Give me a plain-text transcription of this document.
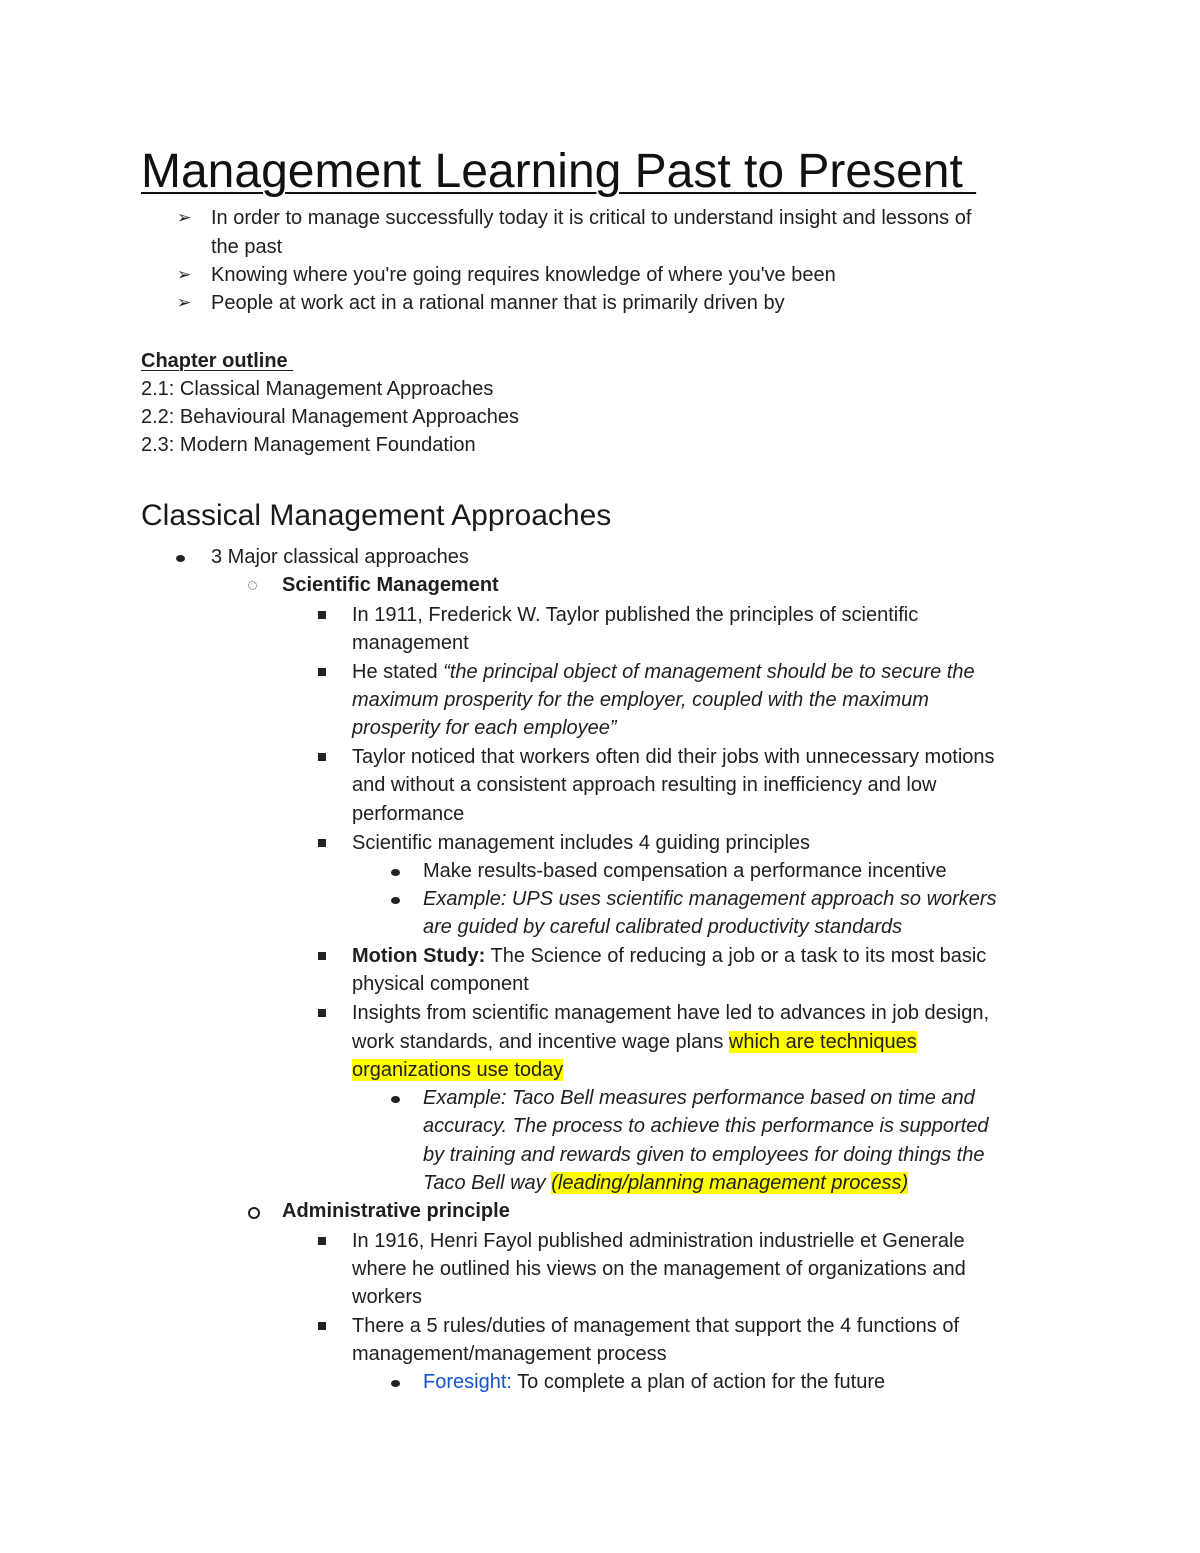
Management Learning Past to Present
➢ In order to manage successfully today it is critical to understand insight and lessons of
the past
➢ Knowing where you're going requires knowledge of where you've been
➢ People at work act in a rational manner that is primarily driven by
Chapter outline
2.1: Classical Management Approaches
2.2: Behavioural Management Approaches
2.3: Modern Management Foundation
Classical Management Approaches
3 Major classical approaches
Scientific Management
In 1911, Frederick W. Taylor published the principles of scientific
management
He stated “the principal object of management should be to secure the
maximum prosperity for the employer, coupled with the maximum
prosperity for each employee”
Taylor noticed that workers often did their jobs with unnecessary motions
and without a consistent approach resulting in inefficiency and low
performance
Scientific management includes 4 guiding principles
Make results-based compensation a performance incentive
Example: UPS uses scientific management approach so workers
are guided by careful calibrated productivity standards
Motion Study: The Science of reducing a job or a task to its most basic
physical component
Insights from scientific management have led to advances in job design,
work standards, and incentive wage plans which are techniques
organizations use today
Example: Taco Bell measures performance based on time and
accuracy. The process to achieve this performance is supported
by training and rewards given to employees for doing things the
Taco Bell way (leading/planning management process)
Administrative principle
In 1916, Henri Fayol published administration industrielle et Generale
where he outlined his views on the management of organizations and
workers
There a 5 rules/duties of management that support the 4 functions of
management/management process
Foresight: To complete a plan of action for the future
